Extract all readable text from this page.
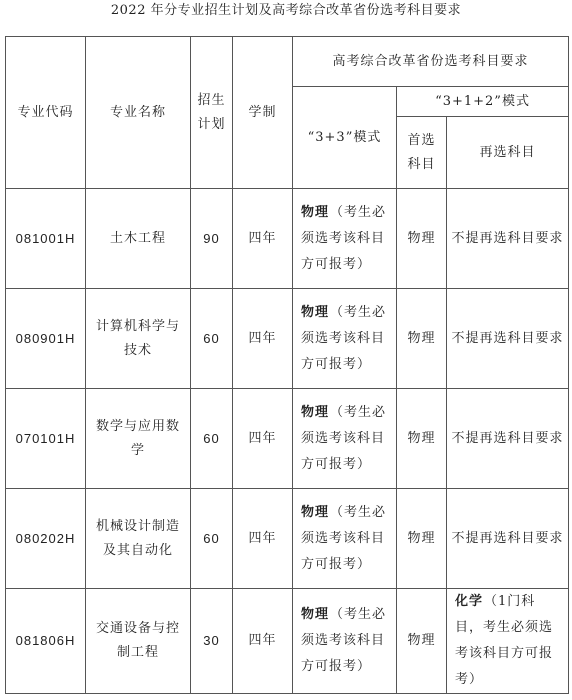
2022 年分专业招生计划及高考综合改革省份选考科目要求
专业代码	专业名称	招生计划	学制	高考综合改革省份选考科目要求		
				“3+3”模式	“3+1+2”模式	
					首选科目	再选科目
081001H	土木工程	90	四年	物理（考生必须选考该科目方可报考）	物理	不提再选科目要求
080901H	计算机科学与技术	60	四年	物理（考生必须选考该科目方可报考）	物理	不提再选科目要求
070101H	数学与应用数学	60	四年	物理（考生必须选考该科目方可报考）	物理	不提再选科目要求
080202H	机械设计制造及其自动化	60	四年	物理（考生必须选考该科目方可报考）	物理	不提再选科目要求
081806H	交通设备与控制工程	30	四年	物理（考生必须选考该科目方可报考）	物理	化学（1门科目，考生必须选考该科目方可报考）
